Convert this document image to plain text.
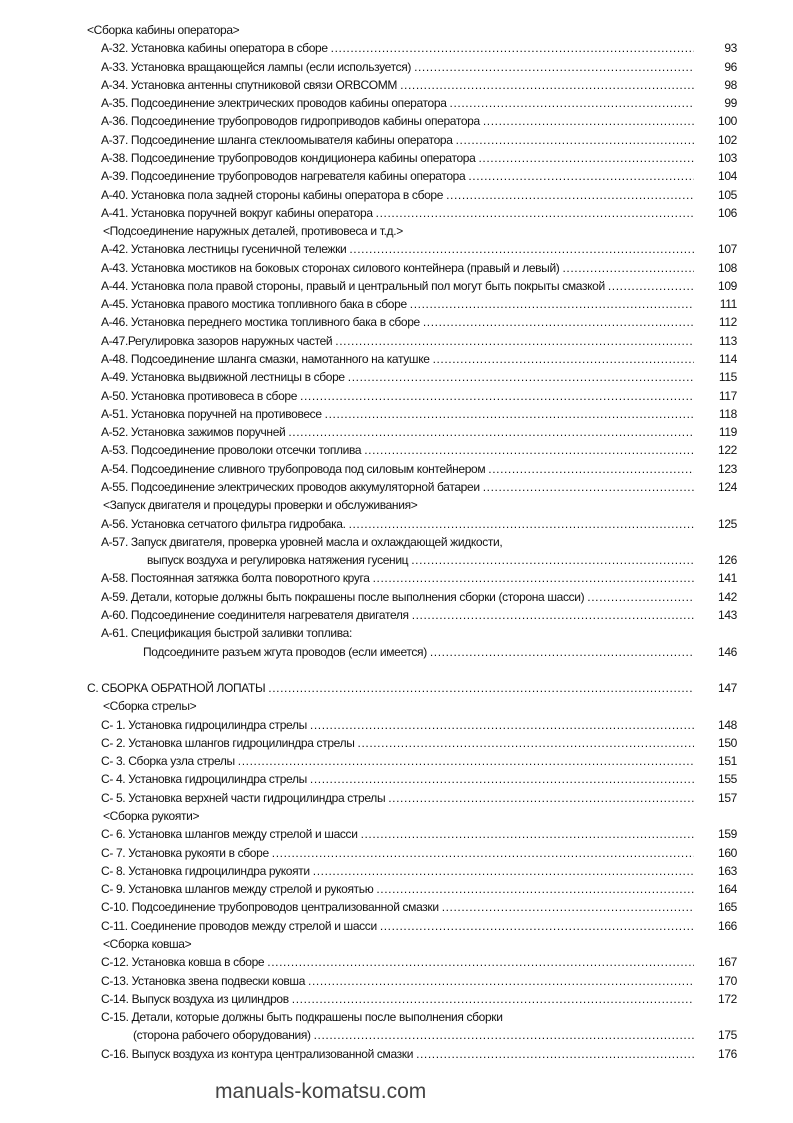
<Сборка кабины оператора>
93
A-32. Установка кабины оператора в сборе
.....
96
A-33. Установка вращающейся лампы (если используется)
.....
98
A-34. Установка антенны спутниковой связи ORBCOMM
.....
99
A-35. Подсоединение электрических проводов кабины оператора
.....
100
A-36. Подсоединение трубопроводов гидроприводов кабины оператора
.....
102
A-37. Подсоединение шланга стеклоомывателя кабины оператора
.....
103
A-38. Подсоединение трубопроводов кондиционера кабины оператора
.....
104
A-39. Подсоединение трубопроводов нагревателя кабины оператора
.....
105
A-40. Установка пола задней стороны кабины оператора в сборе
.....
106
A-41. Установка поручней вокруг кабины оператора
.....
<Подсоединение наружных деталей, противовеса и т.д.>
107
A-42. Установка лестницы гусеничной тележки
.....
108
A-43. Установка мостиков на боковых сторонах силового контейнера (правый и левый)
.....
109
A-44. Установка пола правой стороны, правый и центральный пол могут быть покрыты смазкой
.....
111
A-45. Установка правого мостика топливного бака в сборе
.....
112
A-46. Установка переднего мостика топливного бака в сборе
.....
113
A-47.Регулировка зазоров наружных частей
.....
114
A-48. Подсоединение шланга смазки, намотанного на катушке
.....
115
A-49. Установка выдвижной лестницы в сборе
.....
117
A-50. Установка противовеса в сборе
.....
118
A-51. Установка поручней на противовесе
.....
119
A-52. Установка зажимов поручней
.....
122
A-53. Подсоединение проволоки отсечки топлива
.....
123
A-54. Подсоединение сливного трубопровода под силовым контейнером
.....
124
A-55. Подсоединение электрических проводов аккумуляторной батареи
.....
<Запуск двигателя и процедуры проверки и обслуживания>
125
A-56. Установка сетчатого фильтра гидробака.
.....
A-57. Запуск двигателя, проверка уровней масла и охлаждающей жидкости,
126
выпуск воздуха и регулировка натяжения гусениц
.....
141
A-58. Постоянная затяжка болта поворотного круга
.....
142
A-59. Детали, которые должны быть покрашены после выполнения сборки (сторона шасси)
.....
143
A-60. Подсоединение соединителя нагревателя двигателя
.....
A-61. Спецификация быстрой заливки топлива:
146
Подсоедините разъем жгута проводов (если имеется)
.....
147
C. СБОРКА ОБРАТНОЙ ЛОПАТЫ
.....
<Сборка стрелы>
148
C- 1. Установка гидроцилиндра стрелы
.....
150
C- 2. Установка шлангов гидроцилиндра стрелы
.....
151
C- 3. Сборка узла стрелы
.....
155
C- 4. Установка гидроцилиндра стрелы
.....
157
C- 5. Установка верхней части гидроцилиндра стрелы
.....
<Сборка рукояти>
159
C- 6. Установка шлангов между стрелой и шасси
.....
160
C- 7. Установка рукояти в сборе
.....
163
C- 8. Установка гидроцилиндра рукояти
.....
164
C- 9. Установка шлангов между стрелой и рукоятью
.....
165
C-10. Подсоединение трубопроводов централизованной смазки
.....
166
C-11. Соединение проводов между стрелой и шасси
.....
<Сборка ковша>
167
C-12. Установка ковша в сборе
.....
170
C-13. Установка звена подвески ковша
.....
172
C-14. Выпуск воздуха из цилиндров
.....
C-15. Детали, которые должны быть подкрашены после выполнения сборки
175
(сторона рабочего оборудования)
.....
176
C-16. Выпуск воздуха из контура централизованной смазки
.....
manuals-komatsu.com
